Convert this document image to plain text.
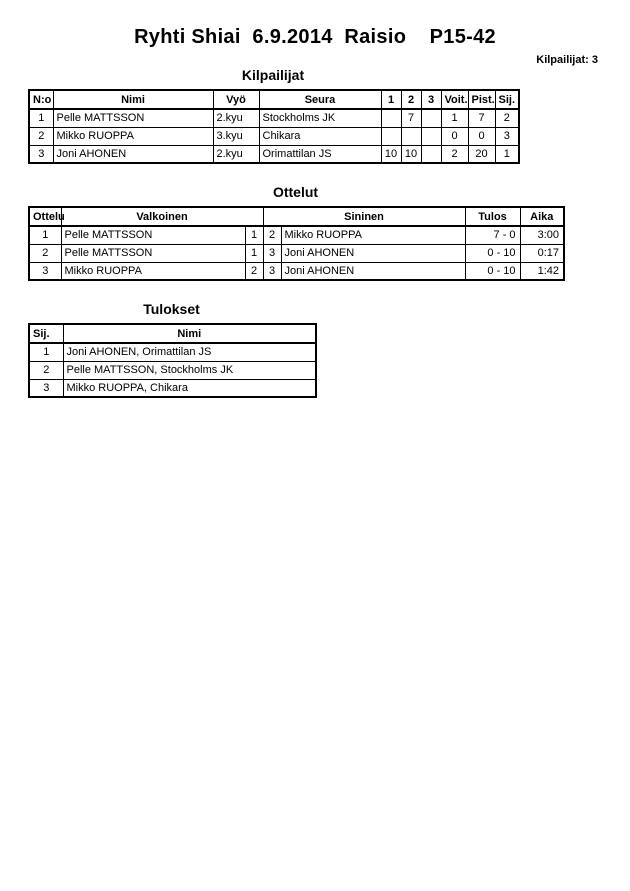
Ryhti Shiai  6.9.2014  Raisio    P15-42
Kilpailijat: 3
Kilpailijat
N:o	Nimi	Vyö	Seura	1	2	3	Voit.	Pist.	Sij.
1	Pelle MATTSSON	2.kyu	Stockholms JK		7		1	7	2
2	Mikko RUOPPA	3.kyu	Chikara				0	0	3
3	Joni AHONEN	2.kyu	Orimattilan JS	10	10		2	20	1
Ottelut
Ottelu	Valkoinen		Sininen		Tulos	Aika
1	Pelle MATTSSON	1	2	Mikko RUOPPA	7 - 0	3:00
2	Pelle MATTSSON	1	3	Joni AHONEN	0 - 10	0:17
3	Mikko RUOPPA	2	3	Joni AHONEN	0 - 10	1:42
Tulokset
Sij.	Nimi
1	Joni AHONEN, Orimattilan JS
2	Pelle MATTSSON, Stockholms JK
3	Mikko RUOPPA, Chikara
